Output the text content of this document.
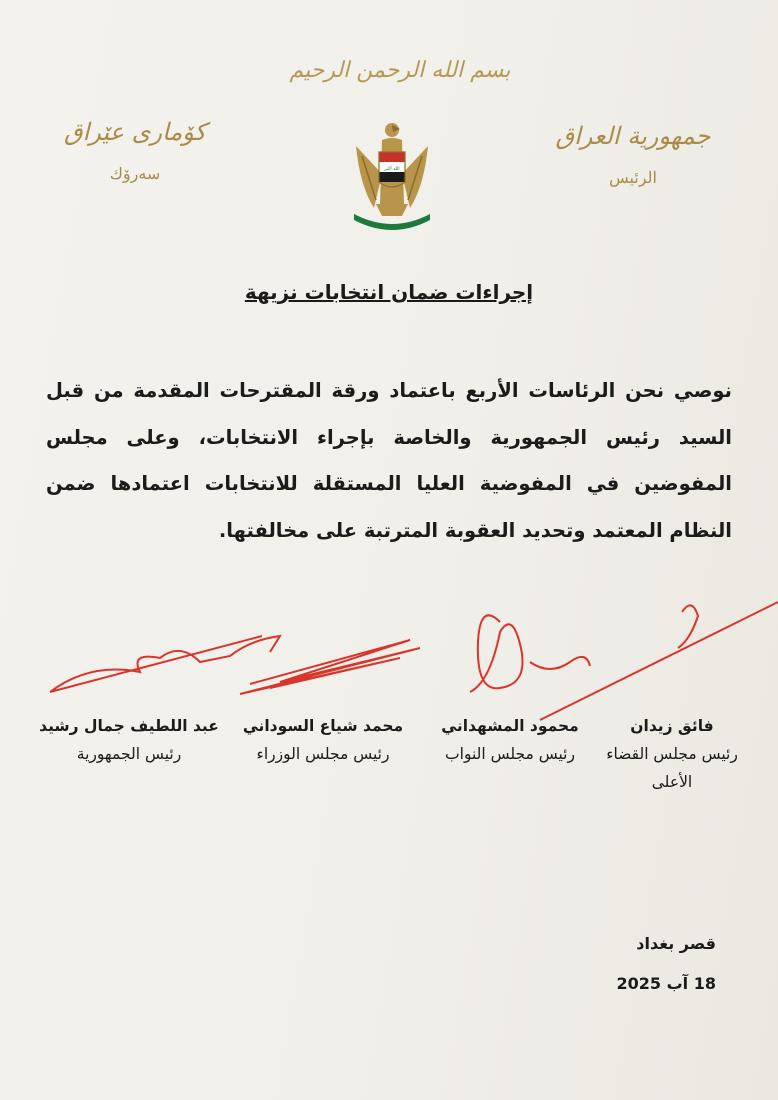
بسم الله الرحمن الرحيم
جمهورية العراق
الرئيس
كۆماری عێراق
سەرۆك	الله أكبر
إجراءات ضمان انتخابات نزيهة
نوصي نحن الرئاسات الأربع باعتماد ورقة المقترحات المقدمة من قبل السيد رئيس الجمهورية والخاصة بإجراء الانتخابات، وعلى مجلس المفوضين في المفوضية العليا المستقلة للانتخابات اعتمادها ضمن النظام المعتمد وتحديد العقوبة المترتبة على مخالفتها.
فائق زيدان
رئيس مجلس القضاء الأعلى
محمود المشهداني
رئيس مجلس النواب
محمد شياع السوداني
رئيس مجلس الوزراء
عبد اللطيف جمال رشيد
رئيس الجمهورية
قصر بغداد
18 آب 2025
